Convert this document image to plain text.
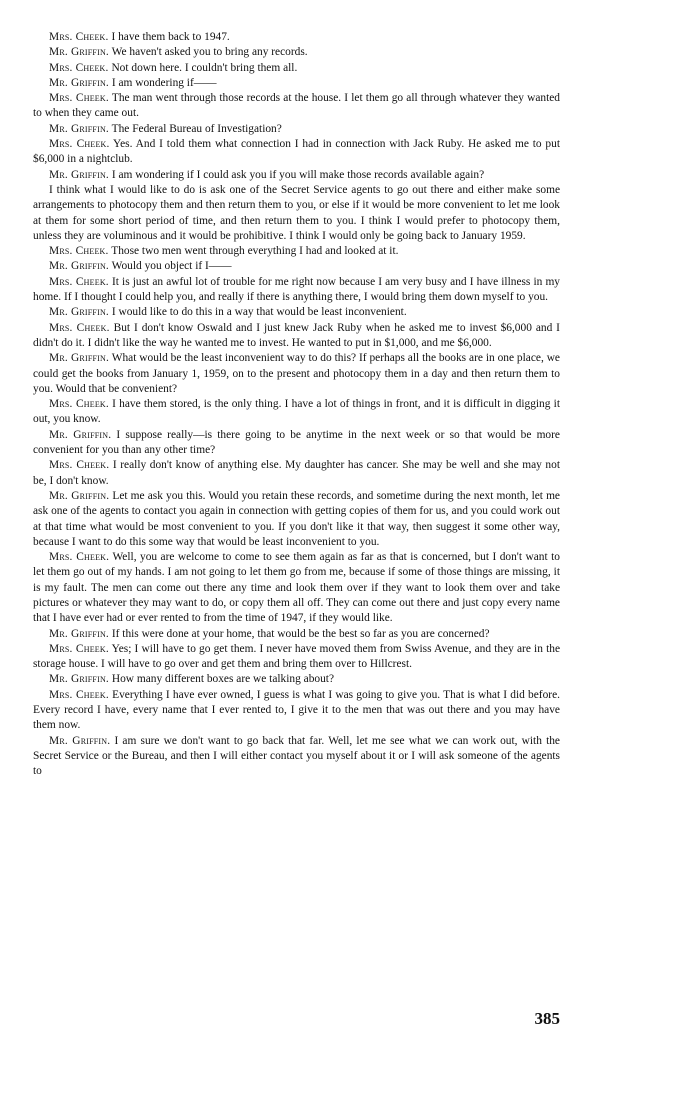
Mrs. Cheek. I have them back to 1947.

Mr. Griffin. We haven't asked you to bring any records.

Mrs. Cheek. Not down here. I couldn't bring them all.

Mr. Griffin. I am wondering if——

Mrs. Cheek. The man went through those records at the house. I let them go all through whatever they wanted to when they came out.

Mr. Griffin. The Federal Bureau of Investigation?

Mrs. Cheek. Yes. And I told them what connection I had in connection with Jack Ruby. He asked me to put $6,000 in a nightclub.

Mr. Griffin. I am wondering if I could ask you if you will make those records available again?

I think what I would like to do is ask one of the Secret Service agents to go out there and either make some arrangements to photocopy them and then return them to you, or else if it would be more convenient to let me look at them for some short period of time, and then return them to you. I think I would prefer to photocopy them, unless they are voluminous and it would be prohibitive. I think I would only be going back to January 1959.

Mrs. Cheek. Those two men went through everything I had and looked at it.

Mr. Griffin. Would you object if I——

Mrs. Cheek. It is just an awful lot of trouble for me right now because I am very busy and I have illness in my home. If I thought I could help you, and really if there is anything there, I would bring them down myself to you.

Mr. Griffin. I would like to do this in a way that would be least inconvenient.

Mrs. Cheek. But I don't know Oswald and I just knew Jack Ruby when he asked me to invest $6,000 and I didn't do it. I didn't like the way he wanted me to invest. He wanted to put in $1,000, and me $6,000.

Mr. Griffin. What would be the least inconvenient way to do this? If perhaps all the books are in one place, we could get the books from January 1, 1959, on to the present and photocopy them in a day and then return them to you. Would that be convenient?

Mrs. Cheek. I have them stored, is the only thing. I have a lot of things in front, and it is difficult in digging it out, you know.

Mr. Griffin. I suppose really—is there going to be anytime in the next week or so that would be more convenient for you than any other time?

Mrs. Cheek. I really don't know of anything else. My daughter has cancer. She may be well and she may not be, I don't know.

Mr. Griffin. Let me ask you this. Would you retain these records, and sometime during the next month, let me ask one of the agents to contact you again in connection with getting copies of them for us, and you could work out at that time what would be most convenient to you. If you don't like it that way, then suggest it some other way, because I want to do this some way that would be least inconvenient to you.

Mrs. Cheek. Well, you are welcome to come to see them again as far as that is concerned, but I don't want to let them go out of my hands. I am not going to let them go from me, because if some of those things are missing, it is my fault. The men can come out there any time and look them over if they want to look them over and take pictures or whatever they may want to do, or copy them all off. They can come out there and just copy every name that I have ever had or ever rented to from the time of 1947, if they would like.

Mr. Griffin. If this were done at your home, that would be the best so far as you are concerned?

Mrs. Cheek. Yes; I will have to go get them. I never have moved them from Swiss Avenue, and they are in the storage house. I will have to go over and get them and bring them over to Hillcrest.

Mr. Griffin. How many different boxes are we talking about?

Mrs. Cheek. Everything I have ever owned, I guess is what I was going to give you. That is what I did before. Every record I have, every name that I ever rented to, I give it to the men that was out there and you may have them now.

Mr. Griffin. I am sure we don't want to go back that far. Well, let me see what we can work out, with the Secret Service or the Bureau, and then I will either contact you myself about it or I will ask someone of the agents to

385
